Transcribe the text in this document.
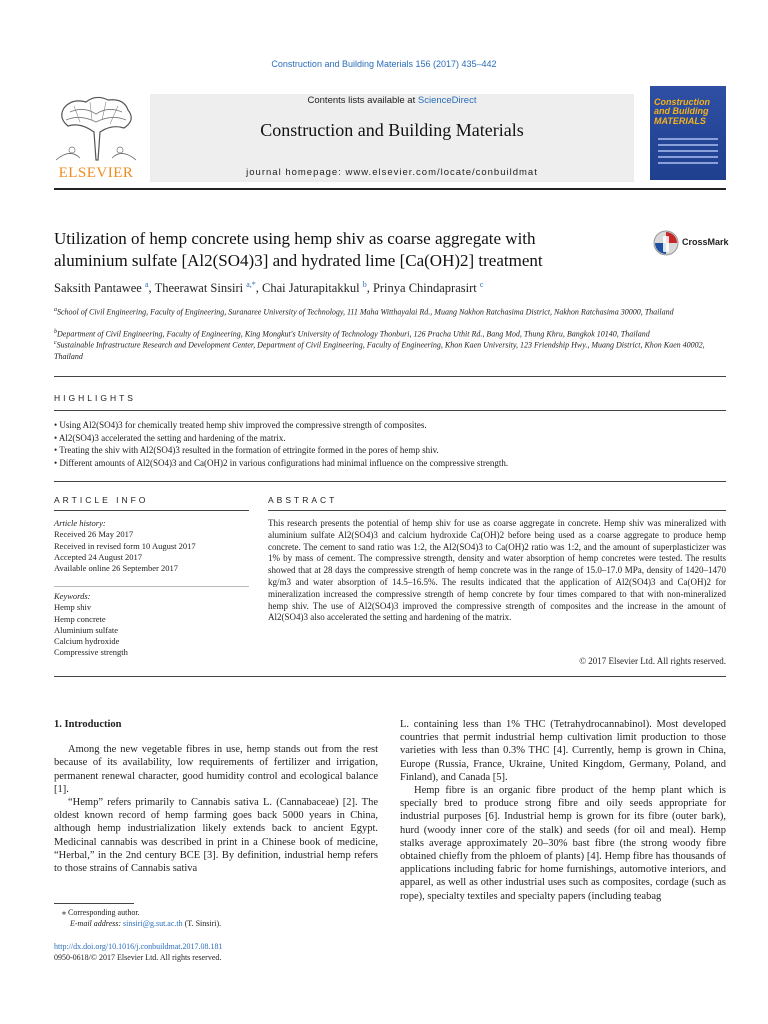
Construction and Building Materials 156 (2017) 435–442
ELSEVIER
Contents lists available at ScienceDirect
Construction and Building Materials
journal homepage: www.elsevier.com/locate/conbuildmat
Construction
and Building
MATERIALS
Utilization of hemp concrete using hemp shiv as coarse aggregate with
aluminium sulfate [Al2(SO4)3] and hydrated lime [Ca(OH)2] treatment
CrossMark
Saksith Pantawee $^a$, Theerawat Sinsiri $^{a,*}$, Chai Jaturapitakkul $^b$, Prinya Chindaprasirt $^c$
$^a$School of Civil Engineering, Faculty of Engineering, Suranaree University of Technology, 111 Maha Witthayalai Rd., Muang Nakhon Ratchasima District, Nakhon Ratchasima 30000, Thailand
$^b$Department of Civil Engineering, Faculty of Engineering, King Mongkut's University of Technology Thonburi, 126 Pracha Uthit Rd., Bang Mod, Thung Khru, Bangkok 10140, Thailand
$^c$Sustainable Infrastructure Research and Development Center, Department of Civil Engineering, Faculty of Engineering, Khon Kaen University, 123 Friendship Hwy., Muang District, Khon Kaen 40002, Thailand
HIGHLIGHTS
• Using Al2(SO4)3 for chemically treated hemp shiv improved the compressive strength of composites.
• Al2(SO4)3 accelerated the setting and hardening of the matrix.
• Treating the shiv with Al2(SO4)3 resulted in the formation of ettringite formed in the pores of hemp shiv.
• Different amounts of Al2(SO4)3 and Ca(OH)2 in various configurations had minimal influence on the compressive strength.
ARTICLE INFO	ABSTRACT
Article history:
Received 26 May 2017
Received in revised form 10 August 2017
Accepted 24 August 2017
Available online 26 September 2017
Keywords:
Hemp shiv
Hemp concrete
Aluminium sulfate
Calcium hydroxide
Compressive strength
This research presents the potential of hemp shiv for use as coarse aggregate in concrete. Hemp shiv was mineralized with aluminium sulfate Al2(SO4)3 and calcium hydroxide Ca(OH)2 before being used as a coarse aggregate to produce hemp concrete. The cement to sand ratio was 1:2, the Al2(SO4)3 to Ca(OH)2 ratio was 1:2, and the amount of superplasticizer was 1% by mass of cement. The compressive strength, density and water absorption of hemp concretes were tested. The results showed that at 28 days the compressive strength of hemp concrete was in the range of 15.0–17.0 MPa, density of 1420–1470 kg/m3 and water absorption of 14.5–16.5%. The results indicated that the application of Al2(SO4)3 and Ca(OH)2 for mineralization increased the compressive strength of hemp concrete by four times compared to that with non-mineralized hemp shiv. The use of Al2(SO4)3 improved the compressive strength of composites and the increase in the amount of Al2(SO4)3 also accelerated the setting and hardening of the matrix.
© 2017 Elsevier Ltd. All rights reserved.
1. Introduction

Among the new vegetable fibres in use, hemp stands out from the rest because of its availability, low requirements of fertilizer and irrigation, permanent renewal character, good humidity control and ecological balance [1].

“Hemp” refers primarily to Cannabis sativa L. (Cannabaceae) [2]. The oldest known record of hemp farming goes back 5000 years in China, although hemp industrialization likely extends back to ancient Egypt. Medicinal cannabis was described in print in a Chinese book of medicine, “Herbal,” in the 2nd century BCE [3]. By definition, industrial hemp refers to those strains of Cannabis sativa

L. containing less than 1% THC (Tetrahydrocannabinol). Most developed countries that permit industrial hemp cultivation limit production to those varieties with less than 0.3% THC [4]. Currently, hemp is grown in China, Europe (Russia, France, Ukraine, United Kingdom, Germany, Poland, and Finland), and Canada [5].

Hemp fibre is an organic fibre product of the hemp plant which is specially bred to produce strong fibre and oily seeds appropriate for industrial purposes [6]. Industrial hemp is grown for its fibre (outer bark), hurd (woody inner core of the stalk) and seeds (for oil and meal). Hemp stalks average approximately 20–30% bast fibre (the strong woody fibre obtained chiefly from the phloem of plants) [4]. Hemp fibre has thousands of applications including fabric for home furnishings, automotive interiors, and apparel, as well as other industrial uses such as composites, cordage (such as rope), specialty textiles and specialty papers (including teabag

⁎ Corresponding author.
E-mail address: sinsiri@g.sut.ac.th (T. Sinsiri).
http://dx.doi.org/10.1016/j.conbuildmat.2017.08.181
0950-0618/© 2017 Elsevier Ltd. All rights reserved.
